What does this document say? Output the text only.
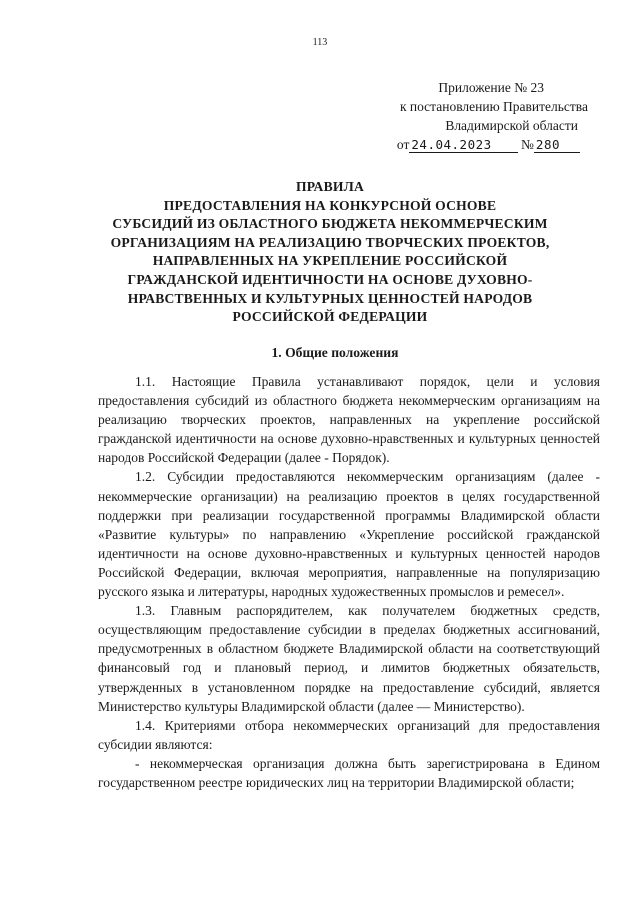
113
Приложение № 23
к постановлению Правительства
Владимирской области
от 24.04.2023 № 280
ПРАВИЛА
ПРЕДОСТАВЛЕНИЯ НА КОНКУРСНОЙ ОСНОВЕ
СУБСИДИЙ ИЗ ОБЛАСТНОГО БЮДЖЕТА НЕКОММЕРЧЕСКИМ
ОРГАНИЗАЦИЯМ НА РЕАЛИЗАЦИЮ ТВОРЧЕСКИХ ПРОЕКТОВ,
НАПРАВЛЕННЫХ НА УКРЕПЛЕНИЕ РОССИЙСКОЙ
ГРАЖДАНСКОЙ ИДЕНТИЧНОСТИ НА ОСНОВЕ ДУХОВНО-
НРАВСТВЕННЫХ И КУЛЬТУРНЫХ ЦЕННОСТЕЙ НАРОДОВ
РОССИЙСКОЙ ФЕДЕРАЦИИ
1. Общие положения

1.1. Настоящие Правила устанавливают порядок, цели и условия предоставления субсидий из областного бюджета некоммерческим организациям на реализацию творческих проектов, направленных на укрепление российской гражданской идентичности на основе духовно-нравственных и культурных ценностей народов Российской Федерации (далее - Порядок).

1.2. Субсидии предоставляются некоммерческим организациям (далее - некоммерческие организации) на реализацию проектов в целях государственной поддержки при реализации государственной программы Владимирской области «Развитие культуры» по направлению «Укрепление российской гражданской идентичности на основе духовно-нравственных и культурных ценностей народов Российской Федерации, включая мероприятия, направленные на популяризацию русского языка и литературы, народных художественных промыслов и ремесел».

1.3. Главным распорядителем, как получателем бюджетных средств, осуществляющим предоставление субсидии в пределах бюджетных ассигнований, предусмотренных в областном бюджете Владимирской области на соответствующий финансовый год и плановый период, и лимитов бюджетных обязательств, утвержденных в установленном порядке на предоставление субсидий, является Министерство культуры Владимирской области (далее — Министерство).

1.4. Критериями отбора некоммерческих организаций для предоставления субсидии являются:

- некоммерческая организация должна быть зарегистрирована в Едином государственном реестре юридических лиц на территории Владимирской области;
